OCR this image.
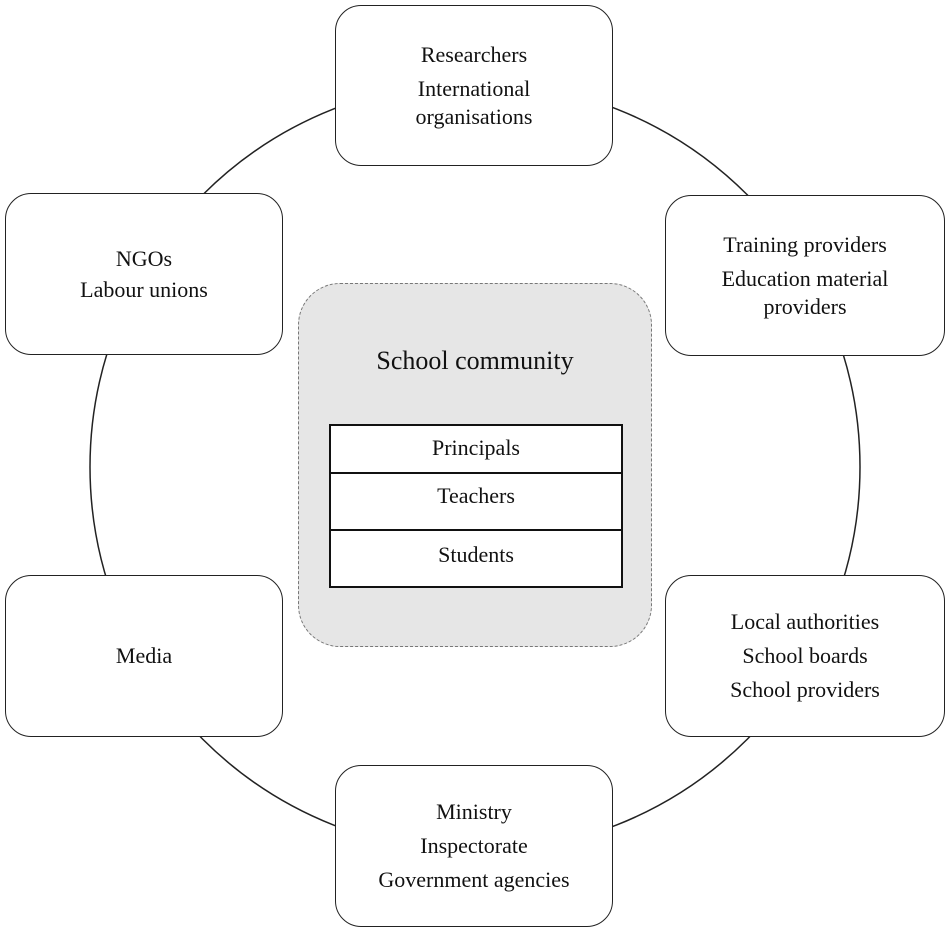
Researchers
International organisations
NGOs
Labour unions
Training providers
Education material providers
Media
Local authorities
School boards
School providers
Ministry
Inspectorate
Government agencies
School community
Principals
Teachers
Students
